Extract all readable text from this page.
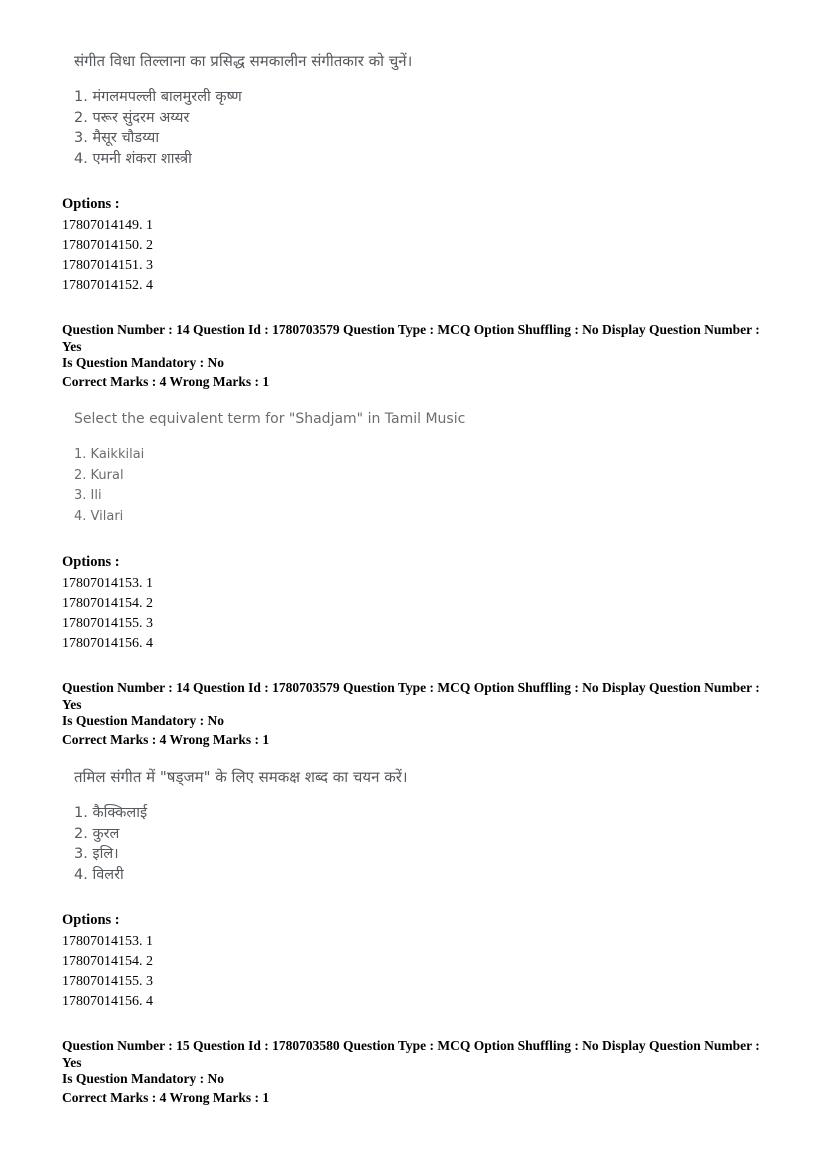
संगीत विधा तिल्लाना का प्रसिद्ध समकालीन संगीतकार को चुनें।

1. मंगलमपल्ली बालमुरली कृष्ण

2. परूर सुंदरम अय्यर

3. मैसूर चौडय्या

4. एमनी शंकरा शास्त्री

Options :

17807014149. 1

17807014150. 2

17807014151. 3

17807014152. 4

Question Number : 14 Question Id : 1780703579 Question Type : MCQ Option Shuffling : No Display Question Number : Yes

Is Question Mandatory : No

Correct Marks : 4 Wrong Marks : 1

Select the equivalent term for "Shadjam" in Tamil Music

1. Kaikkilai

2. Kural

3. Ili

4. Vilari

Options :

17807014153. 1

17807014154. 2

17807014155. 3

17807014156. 4

Question Number : 14 Question Id : 1780703579 Question Type : MCQ Option Shuffling : No Display Question Number : Yes

Is Question Mandatory : No

Correct Marks : 4 Wrong Marks : 1

तमिल संगीत में "षड्जम" के लिए समकक्ष शब्द का चयन करें।

1. कैक्किलाई

2. कुरल

3. इलि।

4. विलरी

Options :

17807014153. 1

17807014154. 2

17807014155. 3

17807014156. 4

Question Number : 15 Question Id : 1780703580 Question Type : MCQ Option Shuffling : No Display Question Number : Yes

Is Question Mandatory : No

Correct Marks : 4 Wrong Marks : 1
